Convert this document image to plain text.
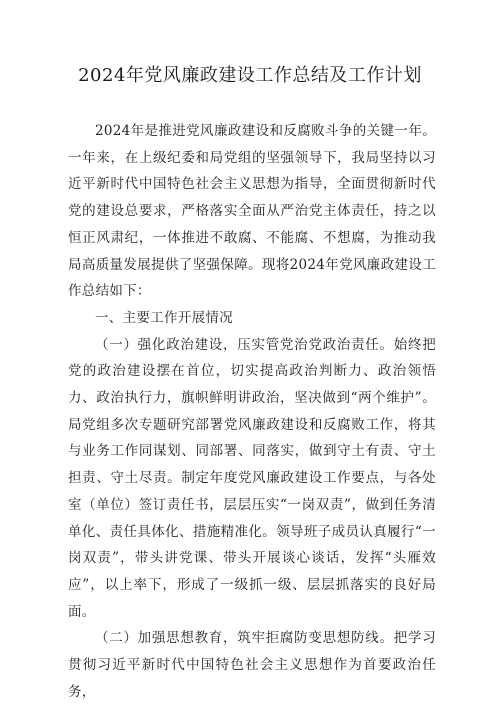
2024年党风廉政建设工作总结及工作计划

2024年是推进党风廉政建设和反腐败斗争的关键一年。一年来，在上级纪委和局党组的坚强领导下，我局坚持以习近平新时代中国特色社会主义思想为指导，全面贯彻新时代党的建设总要求，严格落实全面从严治党主体责任，持之以恒正风肃纪，一体推进不敢腐、不能腐、不想腐，为推动我局高质量发展提供了坚强保障。现将2024年党风廉政建设工作总结如下：

一、主要工作开展情况

（一）强化政治建设，压实管党治党政治责任。始终把党的政治建设摆在首位，切实提高政治判断力、政治领悟力、政治执行力，旗帜鲜明讲政治，坚决做到“两个维护”。局党组多次专题研究部署党风廉政建设和反腐败工作，将其与业务工作同谋划、同部署、同落实，做到守土有责、守土担责、守土尽责。制定年度党风廉政建设工作要点，与各处室（单位）签订责任书，层层压实“一岗双责”，做到任务清单化、责任具体化、措施精准化。领导班子成员认真履行“一岗双责”，带头讲党课、带头开展谈心谈话，发挥“头雁效应”，以上率下，形成了一级抓一级、层层抓落实的良好局面。

（二）加强思想教育，筑牢拒腐防变思想防线。把学习贯彻习近平新时代中国特色社会主义思想作为首要政治任务，
